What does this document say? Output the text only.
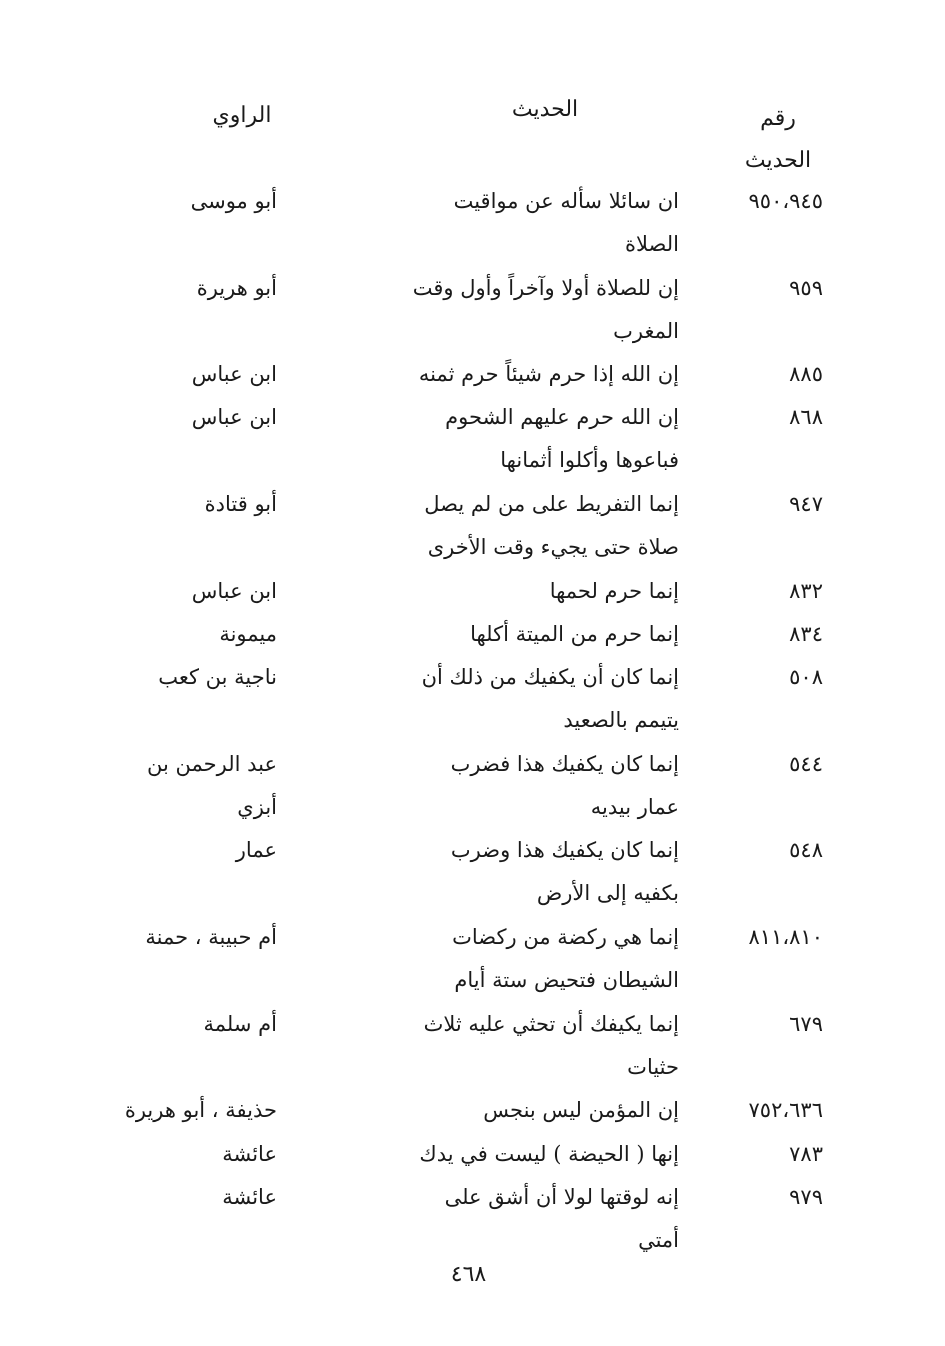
رقم
الحديث
الحديث
الراوي
٩٥٠،٩٤٥
ان سائلا سأله عن مواقيت
الصلاة
أبو موسى
٩٥٩
إن للصلاة أولا وآخراً وأول وقت
المغرب
أبو هريرة
٨٨٥
إن الله إذا حرم شيئاً حرم ثمنه
ابن عباس
٨٦٨
إن الله حرم عليهم الشحوم
فباعوها وأكلوا أثمانها
ابن عباس
٩٤٧
إنما التفريط على من لم يصل
صلاة حتى يجيء وقت الأخرى
أبو قتادة
٨٣٢
إنما حرم لحمها
ابن عباس
٨٣٤
إنما حرم من الميتة أكلها
ميمونة
٥٠٨
إنما كان أن يكفيك من ذلك أن
يتيمم بالصعيد
ناجية بن كعب
٥٤٤
إنما كان يكفيك هذا فضرب
عمار بيديه
عبد الرحمن بن
أبزي
٥٤٨
إنما كان يكفيك هذا وضرب
بكفيه إلى الأرض
عمار
٨١١،٨١٠
إنما هي ركضة من ركضات
الشيطان فتحيض ستة أيام
أم حبيبة ، حمنة
٦٧٩
إنما يكيفك أن تحثي عليه ثلاث
حثيات
أم سلمة
٧٥٢،٦٣٦
إن المؤمن ليس بنجس
حذيفة ، أبو هريرة
٧٨٣
إنها ( الحيضة ) ليست في يدك
عائشة
٩٧٩
إنه لوقتها لولا أن أشق على أمتي
عائشة
٤٦٨
